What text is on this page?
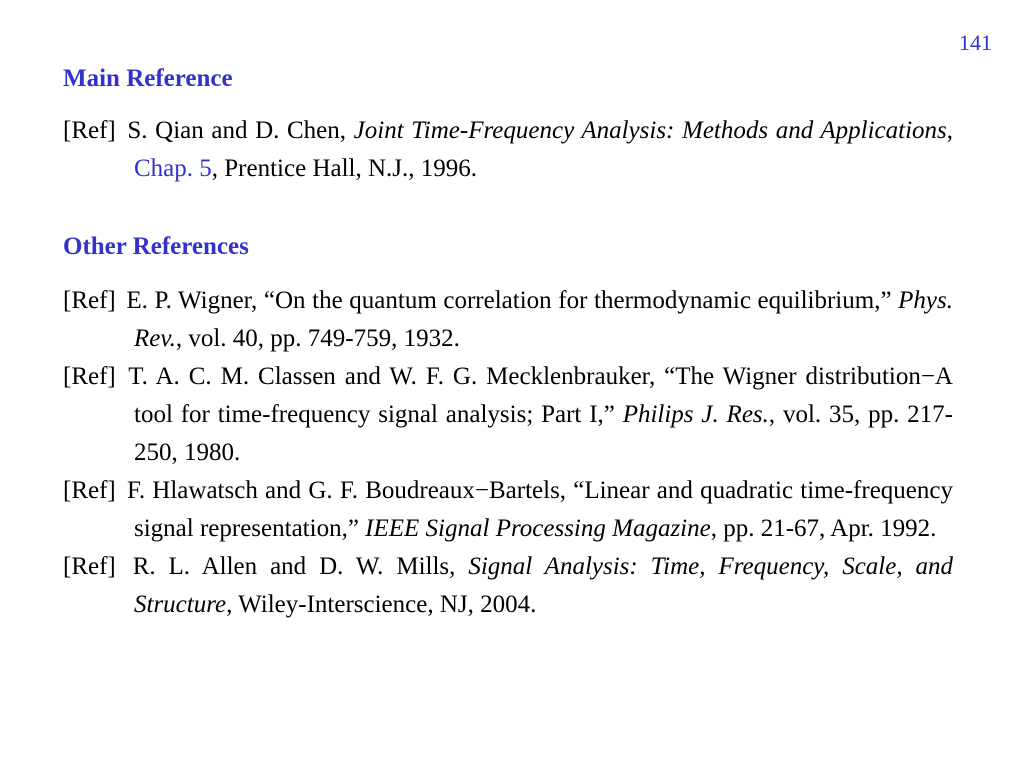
141
Main Reference

[Ref] S. Qian and D. Chen, Joint Time-Frequency Analysis: Methods and Applications, Chap. 5, Prentice Hall, N.J., 1996.

Other References

[Ref] E. P. Wigner, “On the quantum correlation for thermodynamic equilibrium,” Phys. Rev., vol. 40, pp. 749-759, 1932.

[Ref] T. A. C. M. Classen and W. F. G. Mecklenbrauker, “The Wigner distribution−A tool for time-frequency signal analysis; Part I,” Philips J. Res., vol. 35, pp. 217-250, 1980.

[Ref] F. Hlawatsch and G. F. Boudreaux−Bartels, “Linear and quadratic time-frequency signal representation,” IEEE Signal Processing Magazine, pp. 21-67, Apr. 1992.

[Ref] R. L. Allen and D. W. Mills, Signal Analysis: Time, Frequency, Scale, and Structure, Wiley-Interscience, NJ, 2004.
